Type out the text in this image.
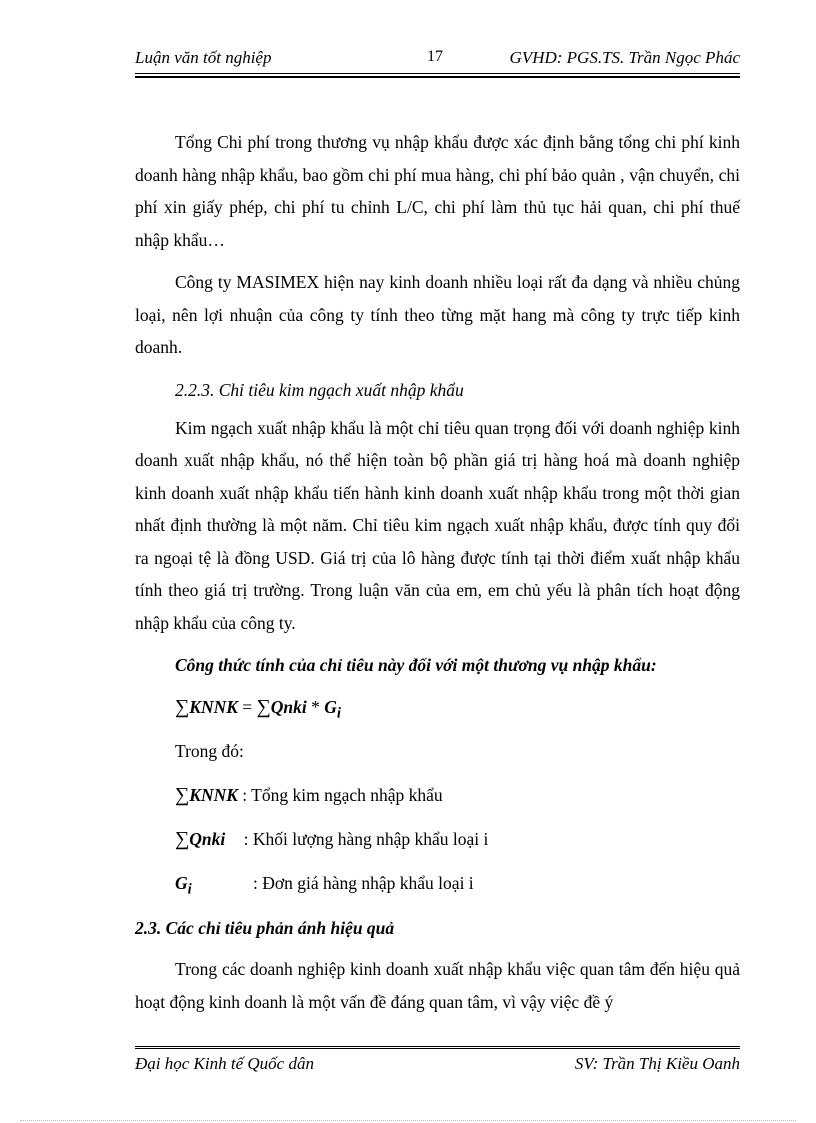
Luận văn tốt nghiệp	17	GVHD: PGS.TS. Trần Ngọc Phác

Tổng Chi phí trong thương vụ nhập khẩu được xác định bằng tổng chi phí kinh doanh hàng nhập khẩu, bao gồm chi phí mua hàng, chi phí bảo quản , vận chuyển, chi phí xin giấy phép, chi phí tu chỉnh L/C, chi phí làm thủ tục hải quan, chi phí thuế nhập khẩu…

Công ty MASIMEX hiện nay kinh doanh nhiều loại rất đa dạng và nhiều chủng loại, nên lợi nhuận của công ty tính theo từng mặt hang mà công ty trực tiếp kinh doanh.

2.2.3. Chỉ tiêu kim ngạch xuất nhập khẩu

Kim ngạch xuất nhập khẩu là một chỉ tiêu quan trọng đối với doanh nghiệp kinh doanh xuất nhập khẩu, nó thể hiện toàn bộ phần giá trị hàng hoá mà doanh nghiệp kinh doanh xuất nhập khẩu tiến hành kinh doanh xuất nhập khẩu trong một thời gian nhất định thường là một năm. Chỉ tiêu kim ngạch xuất nhập khẩu, được tính quy đổi ra ngoại tệ là đồng USD. Giá trị của lô hàng được tính tại thời điểm xuất nhập khẩu tính theo giá trị trường. Trong luận văn của em, em chủ yếu là phân tích hoạt động nhập khẩu của công ty.

Công thức tính của chỉ tiêu này đối với một thương vụ nhập khẩu:
∑KNNK = ∑Qnki * $G_i$
Trong đó:
∑KNNK : Tổng kim ngạch nhập khẩu
∑Qnki : Khối lượng hàng nhập khẩu loại i
$G_i$	: Đơn giá hàng nhập khẩu loại i
2.3. Các chỉ tiêu phản ánh hiệu quả

Trong các doanh nghiệp kinh doanh xuất nhập khẩu việc quan tâm đến hiệu quả hoạt động kinh doanh là một vấn đề đáng quan tâm, vì vậy việc đề ý

Đại học Kinh tế Quốc dân	SV: Trần Thị Kiều Oanh
